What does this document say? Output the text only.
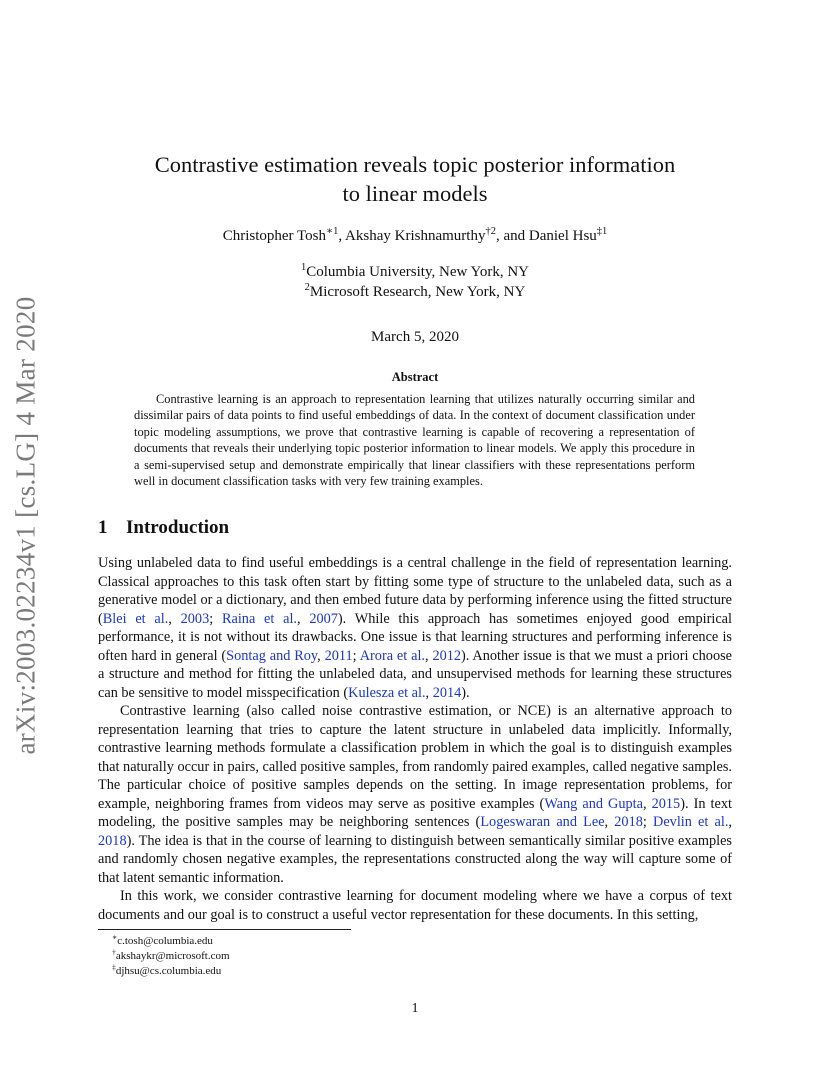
arXiv:2003.02234v1 [cs.LG] 4 Mar 2020
Contrastive estimation reveals topic posterior information
to linear models
Christopher Tosh$^{∗1}$, Akshay Krishnamurthy$^{\dagger 2}$, and Daniel Hsu$^{\ddagger 1}$
$^1$Columbia University, New York, NY
$^2$Microsoft Research, New York, NY
March 5, 2020
Abstract

Contrastive learning is an approach to representation learning that utilizes naturally occurring similar and dissimilar pairs of data points to find useful embeddings of data. In the context of document classification under topic modeling assumptions, we prove that contrastive learning is capable of recovering a representation of documents that reveals their underlying topic posterior information to linear models. We apply this procedure in a semi-supervised setup and demonstrate empirically that linear classifiers with these representations perform well in document classification tasks with very few training examples.

1 Introduction

Using unlabeled data to find useful embeddings is a central challenge in the field of representation learning. Classical approaches to this task often start by fitting some type of structure to the unlabeled data, such as a generative model or a dictionary, and then embed future data by performing inference using the fitted structure (Blei et al., 2003; Raina et al., 2007). While this approach has sometimes enjoyed good empirical performance, it is not without its drawbacks. One issue is that learning structures and performing inference is often hard in general (Sontag and Roy, 2011; Arora et al., 2012). Another issue is that we must a priori choose a structure and method for fitting the unlabeled data, and unsupervised methods for learning these structures can be sensitive to model misspecification (Kulesza et al., 2014).

Contrastive learning (also called noise contrastive estimation, or NCE) is an alternative approach to representation learning that tries to capture the latent structure in unlabeled data implicitly. Informally, contrastive learning methods formulate a classification problem in which the goal is to distinguish examples that naturally occur in pairs, called positive samples, from randomly paired examples, called negative samples. The particular choice of positive samples depends on the setting. In image representation problems, for example, neighboring frames from videos may serve as positive examples (Wang and Gupta, 2015). In text modeling, the positive samples may be neighboring sentences (Logeswaran and Lee, 2018; Devlin et al., 2018). The idea is that in the course of learning to distinguish between semantically similar positive examples and randomly chosen negative examples, the representations constructed along the way will capture some of that latent semantic information.

In this work, we consider contrastive learning for document modeling where we have a corpus of text documents and our goal is to construct a useful vector representation for these documents. In this setting,

∗c.tosh@columbia.edu
†akshaykr@microsoft.com
‡djhsu@cs.columbia.edu
1
